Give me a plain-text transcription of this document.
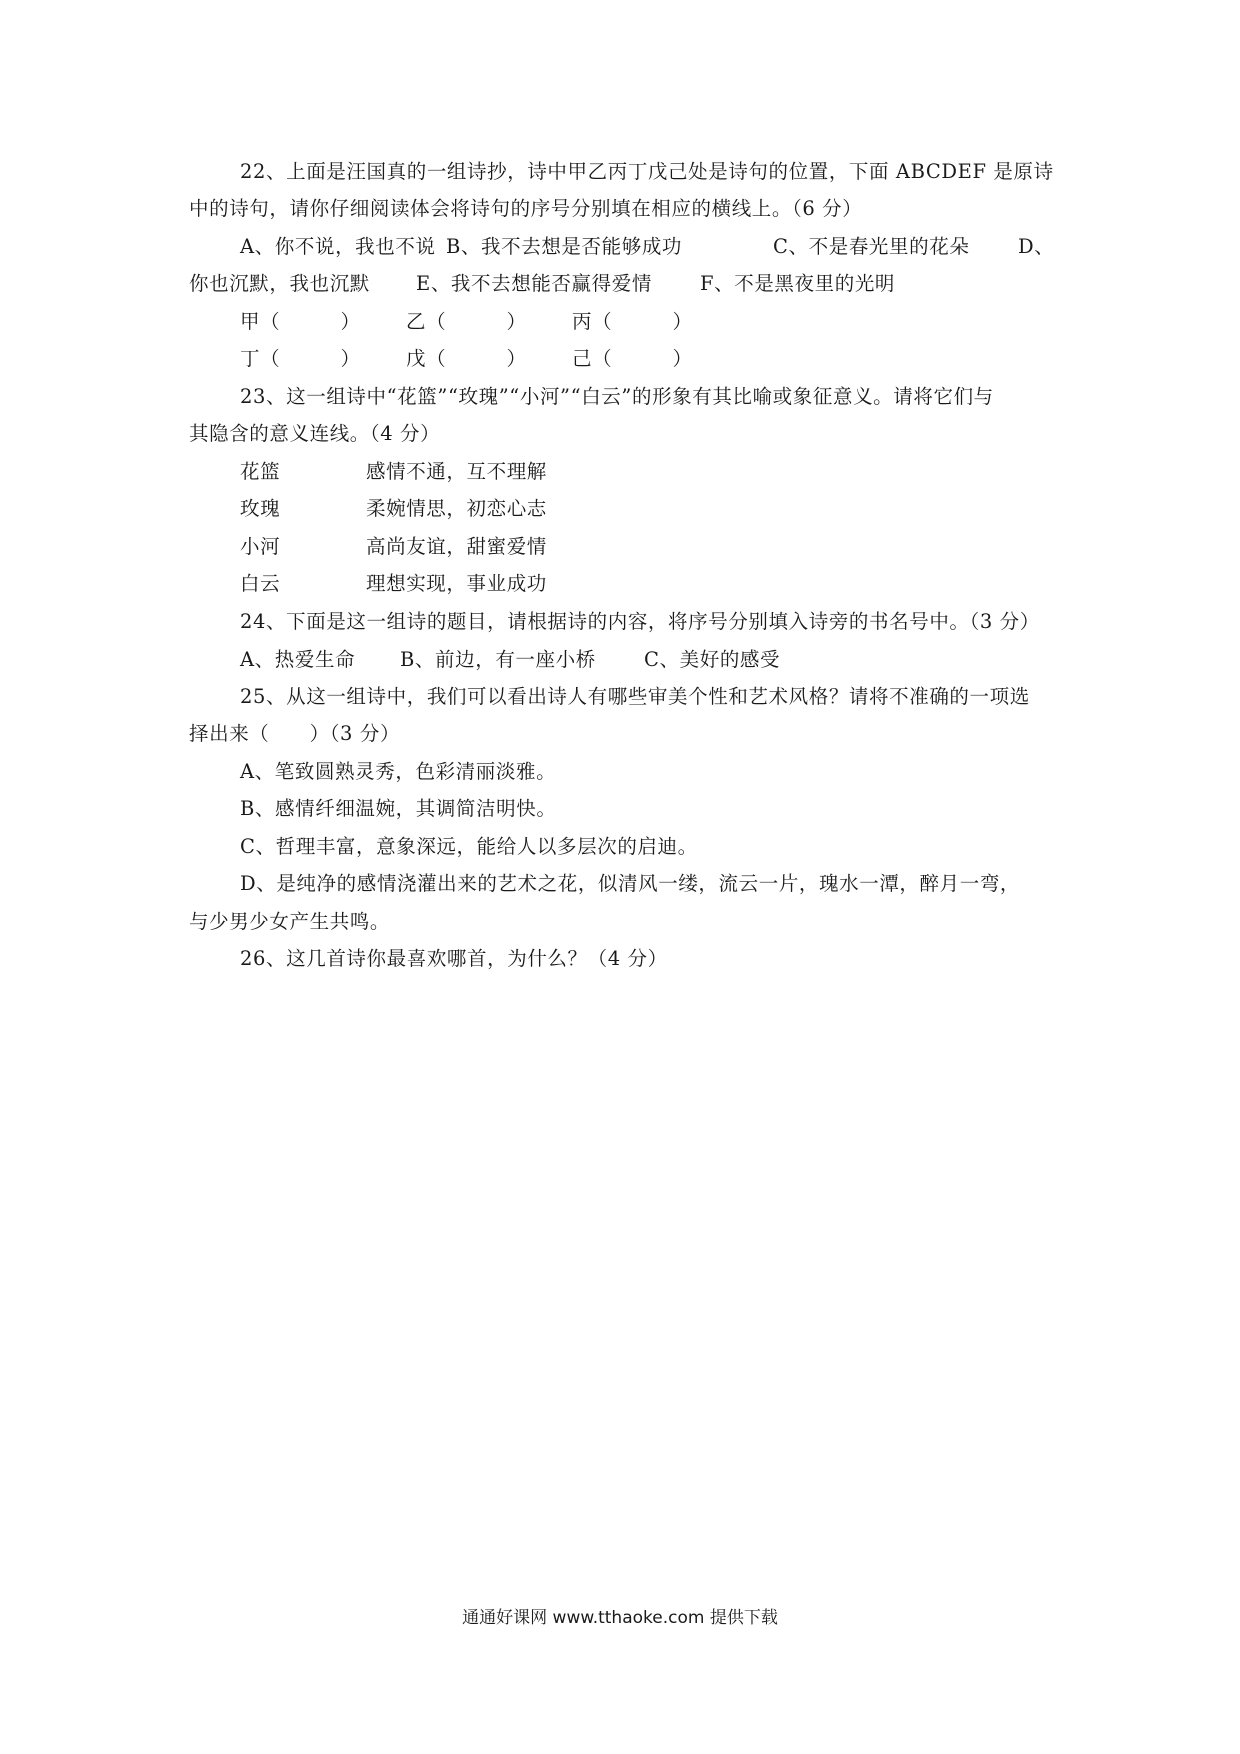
22、上面是汪国真的一组诗抄，诗中甲乙丙丁戊己处是诗句的位置，下面 ABCDEF 是原诗
中的诗句，请你仔细阅读体会将诗句的序号分别填在相应的横线上。（6 分）
A、你不说，我也不说 B、我不去想是否能够成功	C、不是春光里的花朵 D、
你也沉默，我也沉默 E、我不去想能否赢得爱情 F、不是黑夜里的光明
甲（　　　） 乙（　　　） 丙（　　　）
丁（　　　） 戊（　　　） 己（　　　）
23、这一组诗中“花篮”“玫瑰”“小河”“白云”的形象有其比喻或象征意义。请将它们与
其隐含的意义连线。（4 分）
花篮	感情不通，互不理解
玫瑰	柔婉情思，初恋心志
小河	高尚友谊，甜蜜爱情
白云	理想实现，事业成功
24、下面是这一组诗的题目，请根据诗的内容，将序号分别填入诗旁的书名号中。（3 分）
A、热爱生命 B、前边，有一座小桥 C、美好的感受
25、从这一组诗中，我们可以看出诗人有哪些审美个性和艺术风格？请将不准确的一项选
择出来（　　）（3 分）
A、笔致圆熟灵秀，色彩清丽淡雅。
B、感情纤细温婉，其调简洁明快。
C、哲理丰富，意象深远，能给人以多层次的启迪。
D、是纯净的感情浇灌出来的艺术之花，似清风一缕，流云一片，瑰水一潭，醉月一弯，
与少男少女产生共鸣。
26、这几首诗你最喜欢哪首，为什么？（4 分）
通通好课网 www.tthaoke.com 提供下载
